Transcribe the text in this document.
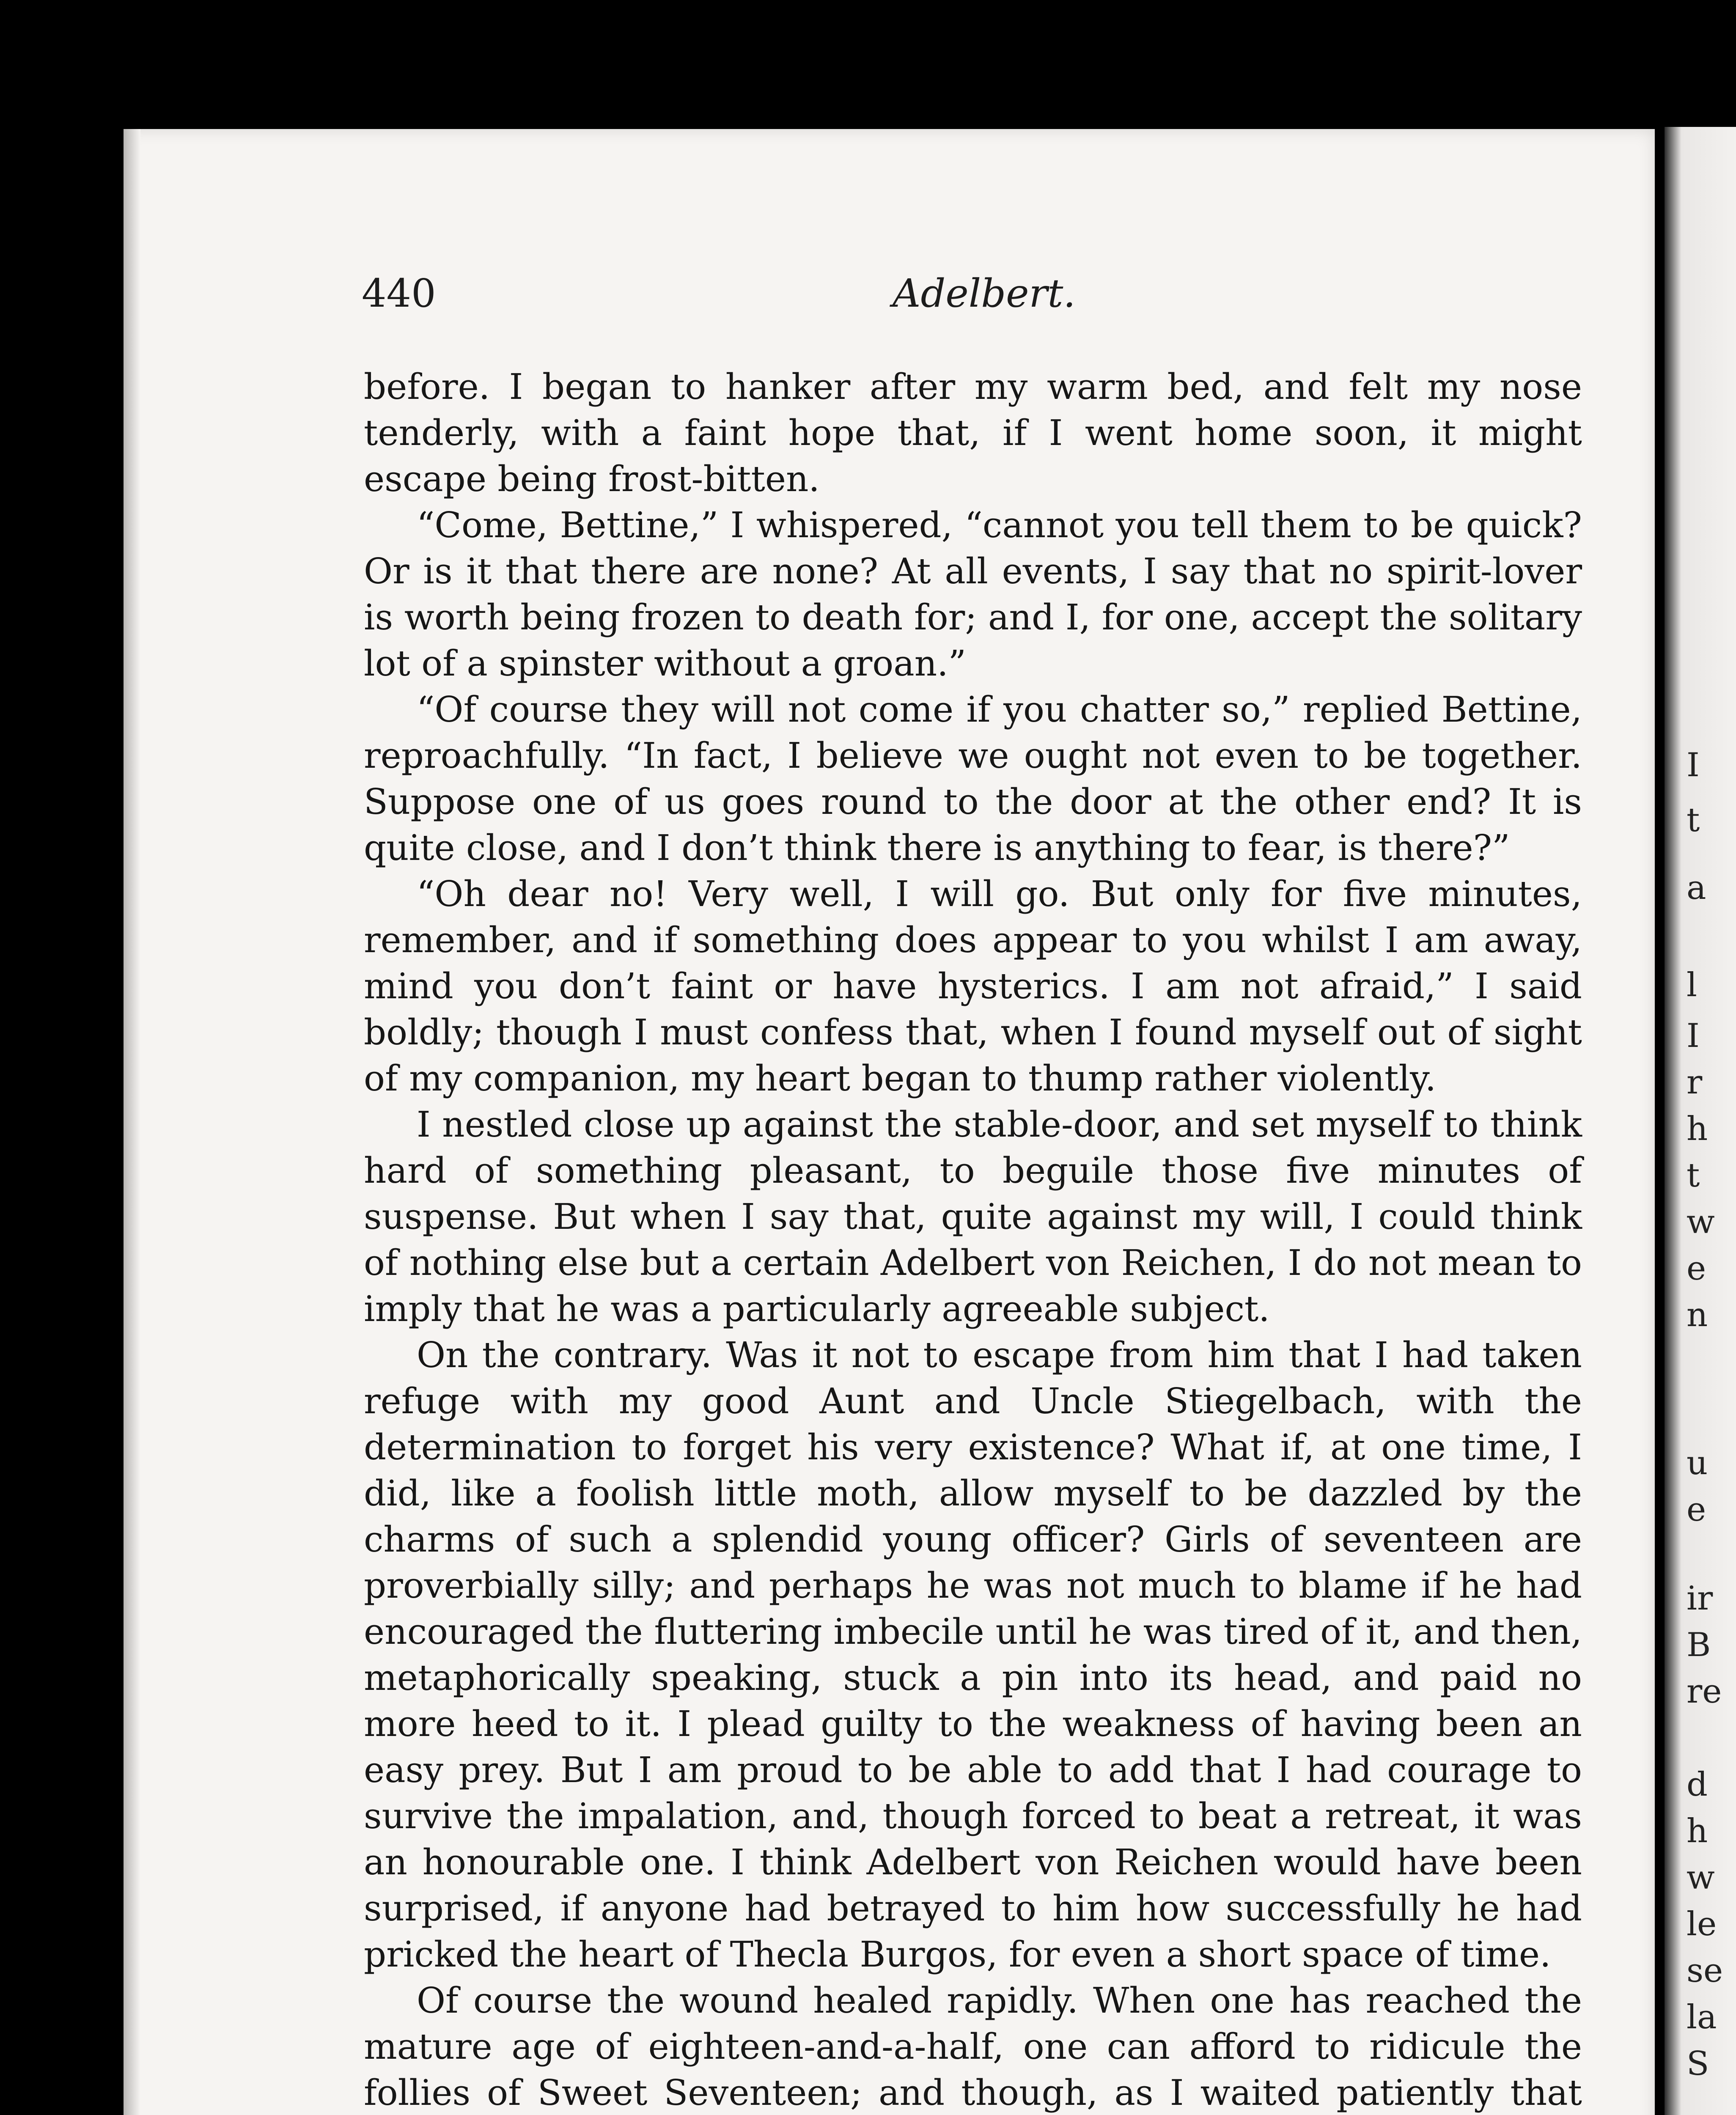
I
t
a
l
I
r
h
t
w
e
n
u
e
ir
B
re
d
h
w
le
se
la
S
440	Adelbert.

before. I began to hanker after my warm bed, and felt my nose tenderly, with a faint hope that, if I went home soon, it might escape being frost-bitten.

“Come, Bettine,” I whispered, “cannot you tell them to be quick? Or is it that there are none? At all events, I say that no spirit-lover is worth being frozen to death for; and I, for one, accept the solitary lot of a spinster without a groan.”

“Of course they will not come if you chatter so,” replied Bettine, reproachfully. “In fact, I believe we ought not even to be together. Suppose one of us goes round to the door at the other end? It is quite close, and I don’t think there is anything to fear, is there?”

“Oh dear no! Very well, I will go. But only for five minutes, remember, and if something does appear to you whilst I am away, mind you don’t faint or have hysterics. I am not afraid,” I said boldly; though I must confess that, when I found myself out of sight of my companion, my heart began to thump rather violently.

I nestled close up against the stable-door, and set myself to think hard of something pleasant, to beguile those five minutes of suspense. But when I say that, quite against my will, I could think of nothing else but a certain Adelbert von Reichen, I do not mean to imply that he was a particularly agreeable subject.

On the contrary. Was it not to escape from him that I had taken refuge with my good Aunt and Uncle Stiegelbach, with the determination to forget his very existence? What if, at one time, I did, like a foolish little moth, allow myself to be dazzled by the charms of such a splendid young officer? Girls of seventeen are proverbially silly; and perhaps he was not much to blame if he had encouraged the fluttering imbecile until he was tired of it, and then, metaphorically speaking, stuck a pin into its head, and paid no more heed to it. I plead guilty to the weakness of having been an easy prey. But I am proud to be able to add that I had courage to survive the impalation, and, though forced to beat a retreat, it was an honourable one. I think Adelbert von Reichen would have been surprised, if anyone had betrayed to him how successfully he had pricked the heart of Thecla Burgos, for even a short space of time.

Of course the wound healed rapidly. When one has reached the mature age of eighteen-and-a-half, one can afford to ridicule the follies of Sweet Seventeen; and though, as I waited patiently that
